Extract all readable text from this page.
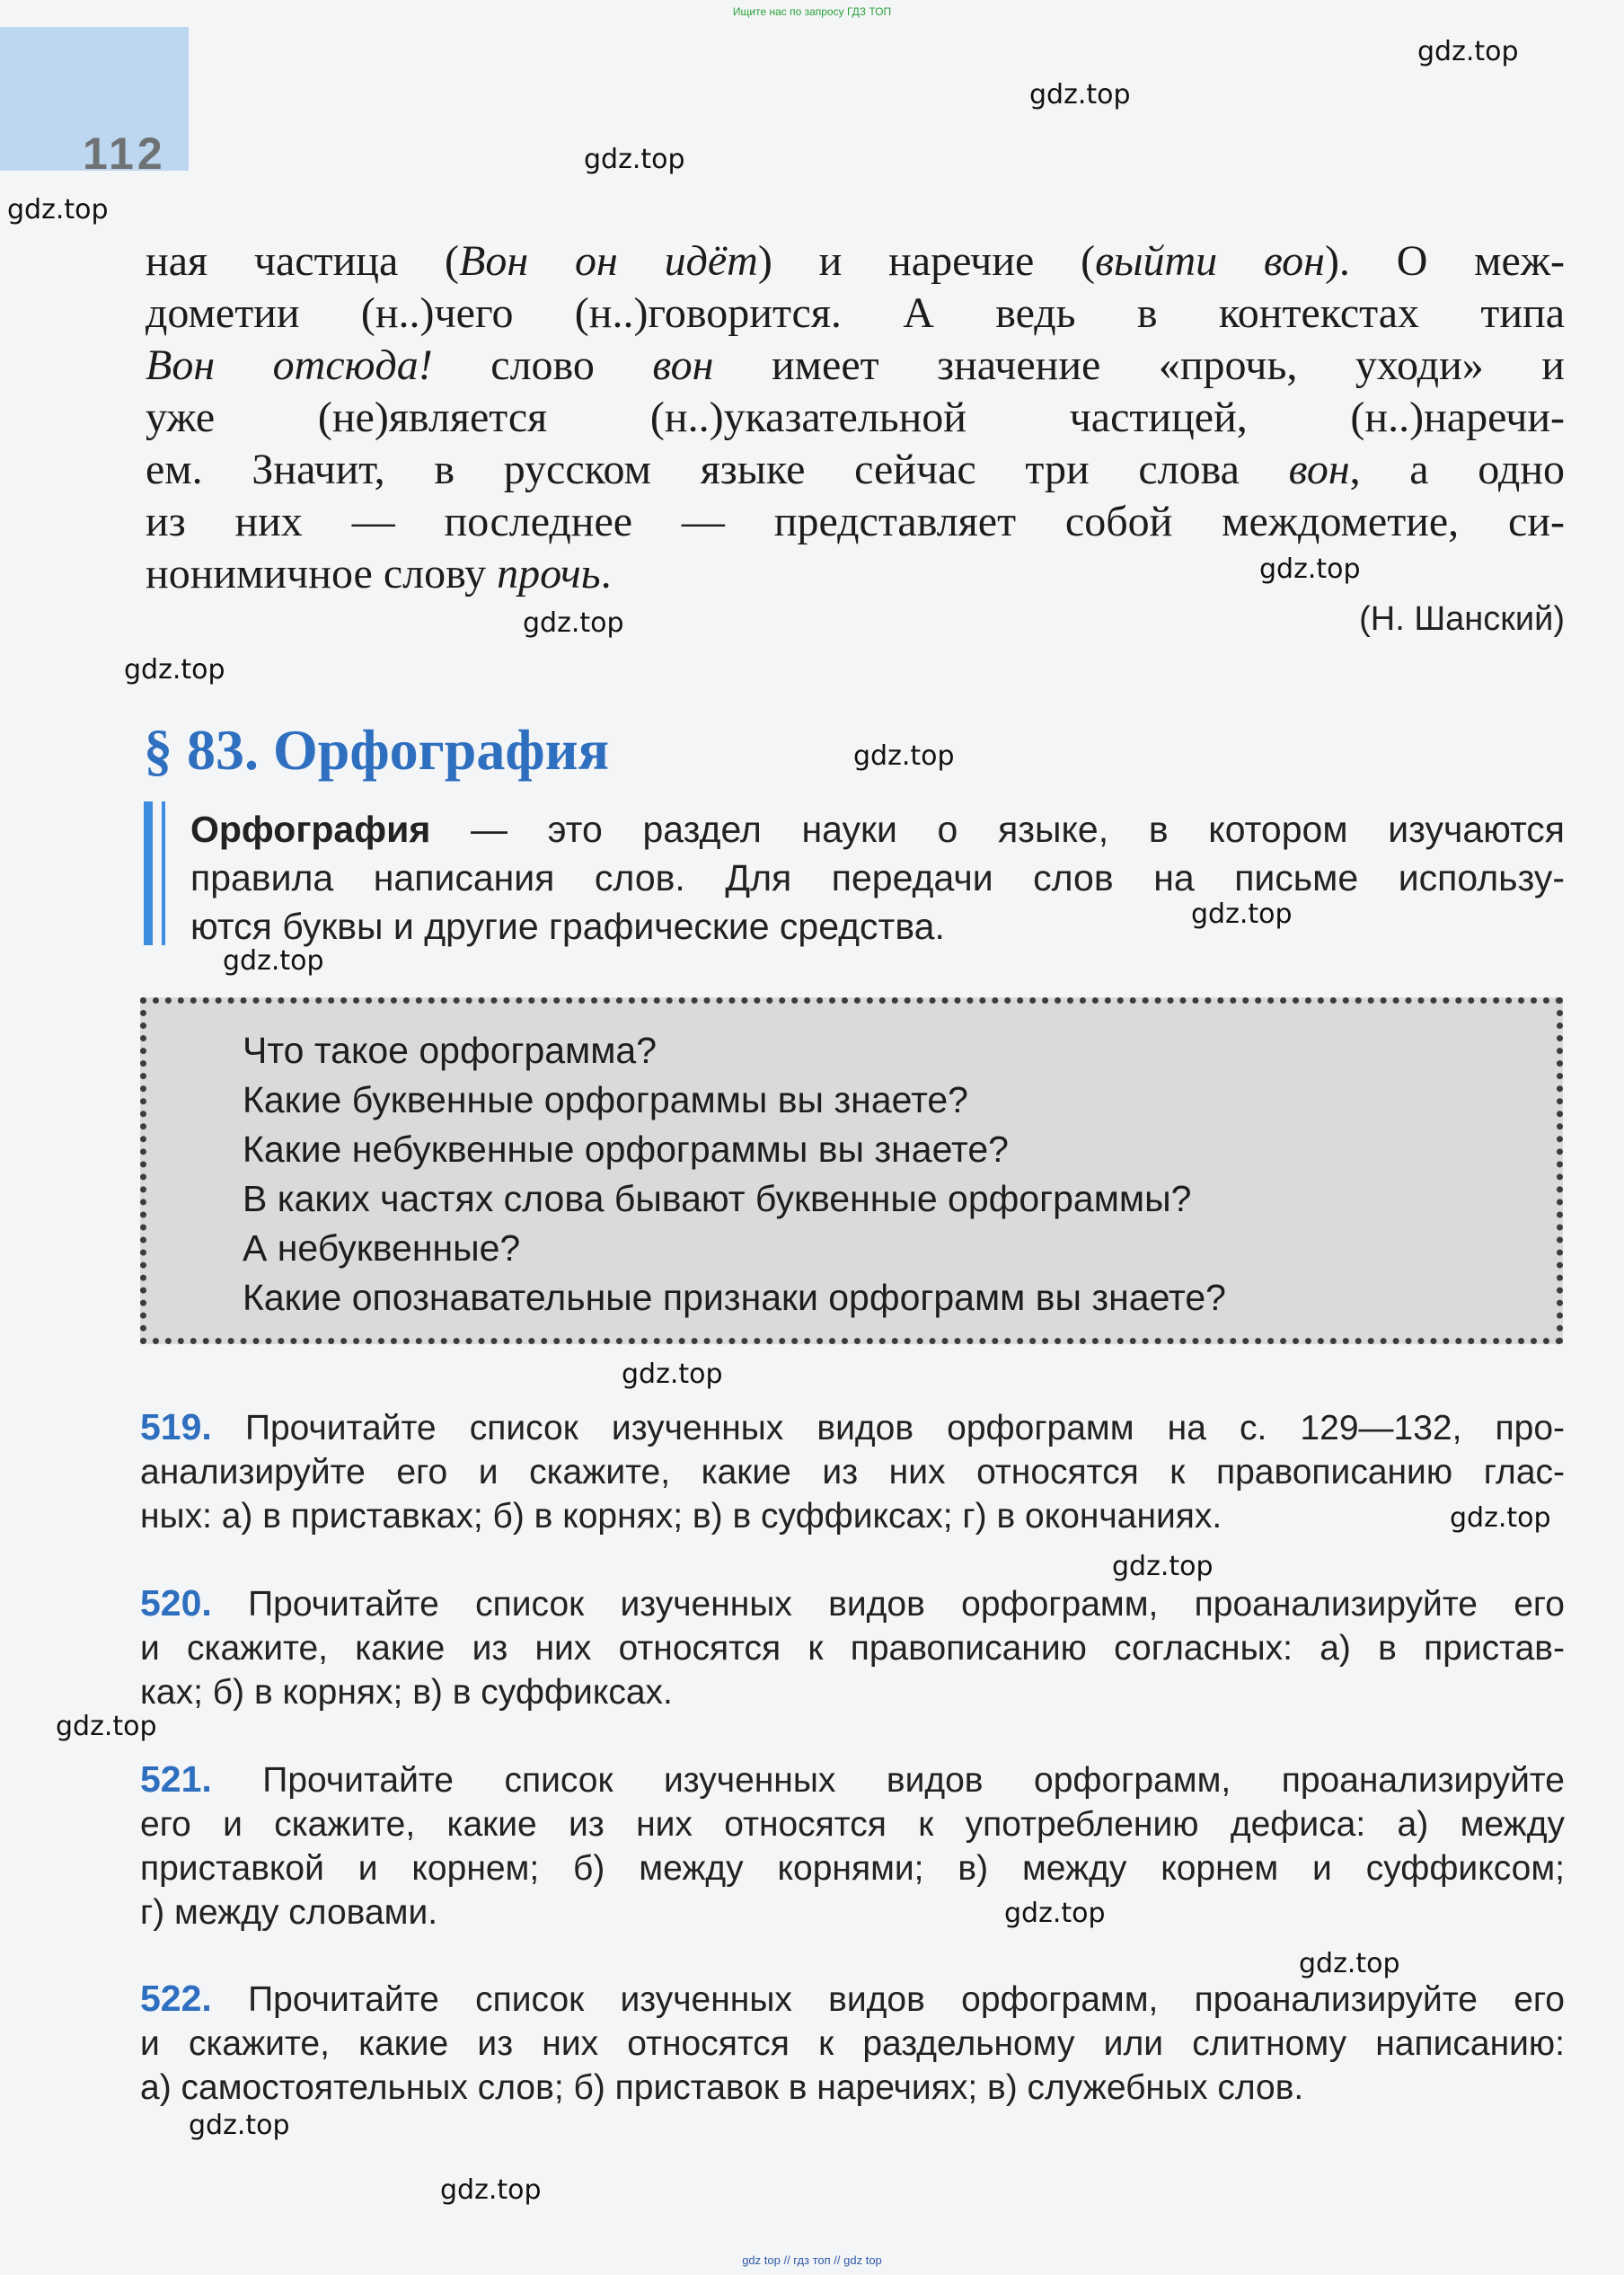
Ищите нас по запросу ГДЗ ТОП
112
gdz.top
gdz.top
gdz.top
gdz.top
gdz.top
gdz.top
gdz.top
gdz.top
gdz.top
gdz.top
gdz.top
gdz.top
gdz.top
gdz.top
gdz.top
gdz.top
gdz.top
gdz.top
ная частица (Вон он идёт) и наречие (выйти вон). О меж-
дометии (н..)чего (н..)говорится. А ведь в контекстах типа
Вон отсюда! слово вон имеет значение «прочь, уходи» и
уже (не)является (н..)указательной частицей, (н..)наречи-
ем. Значит, в русском языке сейчас три слова вон, а одно
из них — последнее — представляет собой междометие, си-
нонимичное слову прочь.
(Н. Шанский)
§ 83. Орфография
Орфография — это раздел науки о языке, в котором изучаются
правила написания слов. Для передачи слов на письме использу-
ются буквы и другие графические средства.
Что такое орфограмма?
Какие буквенные орфограммы вы знаете?
Какие небуквенные орфограммы вы знаете?
В каких частях слова бывают буквенные орфограммы?
А небуквенные?
Какие опознавательные признаки орфограмм вы знаете?
519. Прочитайте список изученных видов орфограмм на с. 129—132, про-
анализируйте его и скажите, какие из них относятся к правописанию глас-
ных: а) в приставках; б) в корнях; в) в суффиксах; г) в окончаниях.
520. Прочитайте список изученных видов орфограмм, проанализируйте его
и скажите, какие из них относятся к правописанию согласных: а) в пристав-
ках; б) в корнях; в) в суффиксах.
521. Прочитайте список изученных видов орфограмм, проанализируйте
его и скажите, какие из них относятся к употреблению дефиса: а) между
приставкой и корнем; б) между корнями; в) между корнем и суффиксом;
г) между словами.
522. Прочитайте список изученных видов орфограмм, проанализируйте его
и скажите, какие из них относятся к раздельному или слитному написанию:
а) самостоятельных слов; б) приставок в наречиях; в) служебных слов.
gdz top // гдз топ // gdz top
